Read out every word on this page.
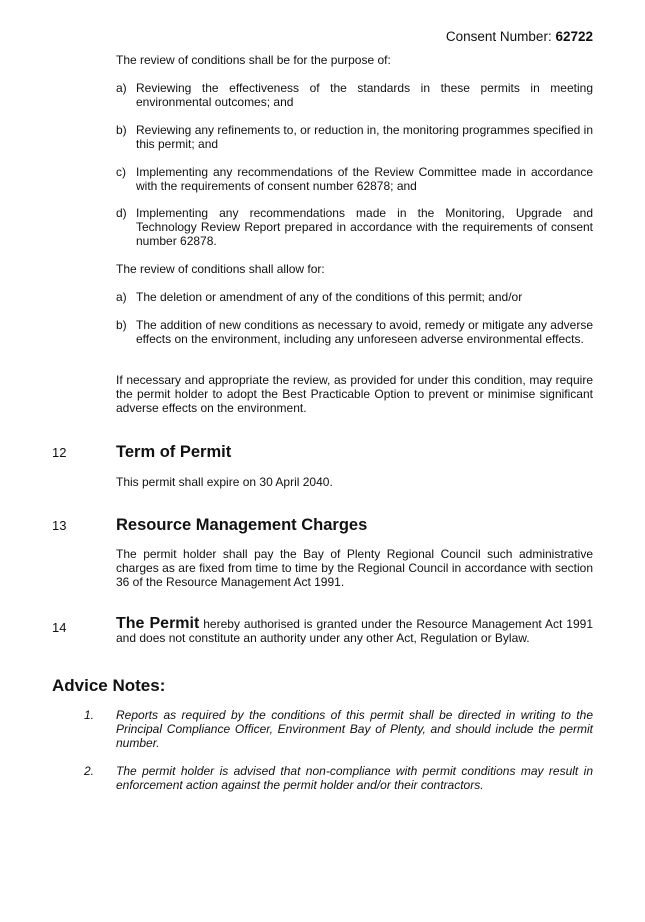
Consent Number: 62722
The review of conditions shall be for the purpose of:
a) Reviewing the effectiveness of the standards in these permits in meeting environmental outcomes; and
b) Reviewing any refinements to, or reduction in, the monitoring programmes specified in this permit; and
c) Implementing any recommendations of the Review Committee made in accordance with the requirements of consent number 62878; and
d) Implementing any recommendations made in the Monitoring, Upgrade and Technology Review Report prepared in accordance with the requirements of consent number 62878.
The review of conditions shall allow for:
a) The deletion or amendment of any of the conditions of this permit; and/or
b) The addition of new conditions as necessary to avoid, remedy or mitigate any adverse effects on the environment, including any unforeseen adverse environmental effects.
If necessary and appropriate the review, as provided for under this condition, may require the permit holder to adopt the Best Practicable Option to prevent or minimise significant adverse effects on the environment.
12	Term of Permit
This permit shall expire on 30 April 2040.
13	Resource Management Charges
The permit holder shall pay the Bay of Plenty Regional Council such administrative charges as are fixed from time to time by the Regional Council in accordance with section 36 of the Resource Management Act 1991.
14	The Permit hereby authorised is granted under the Resource Management Act 1991 and does not constitute an authority under any other Act, Regulation or Bylaw.
Advice Notes:
1.	Reports as required by the conditions of this permit shall be directed in writing to the Principal Compliance Officer, Environment Bay of Plenty, and should include the permit number.
2.	The permit holder is advised that non-compliance with permit conditions may result in enforcement action against the permit holder and/or their contractors.
